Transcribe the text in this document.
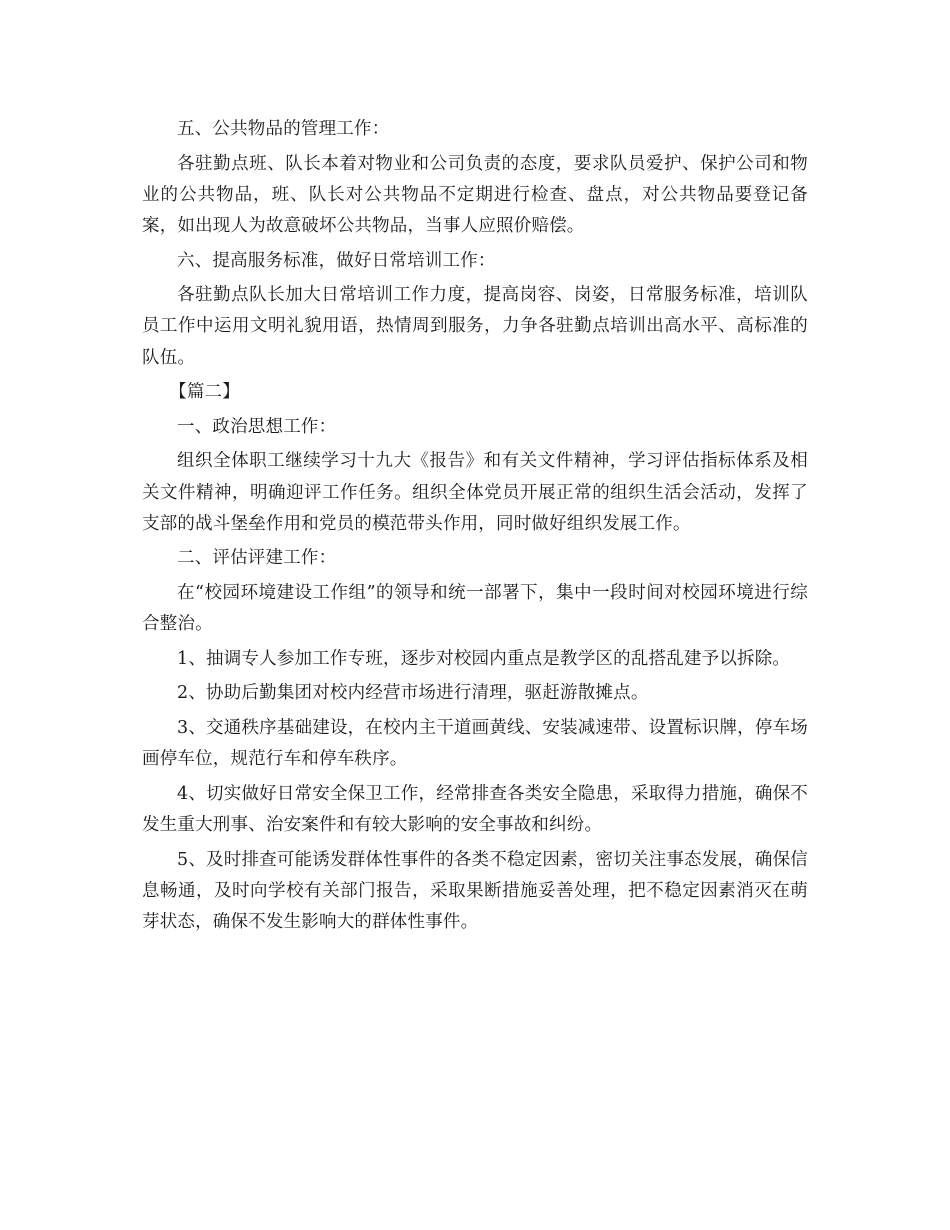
五、公共物品的管理工作：

各驻勤点班、队长本着对物业和公司负责的态度，要求队员爱护、保护公司和物业的公共物品，班、队长对公共物品不定期进行检查、盘点，对公共物品要登记备案，如出现人为故意破坏公共物品，当事人应照价赔偿。

六、提高服务标准，做好日常培训工作：

各驻勤点队长加大日常培训工作力度，提高岗容、岗姿，日常服务标准，培训队员工作中运用文明礼貌用语，热情周到服务，力争各驻勤点培训出高水平、高标准的队伍。

【篇二】

一、政治思想工作：

组织全体职工继续学习十九大《报告》和有关文件精神，学习评估指标体系及相关文件精神，明确迎评工作任务。组织全体党员开展正常的组织生活会活动，发挥了支部的战斗堡垒作用和党员的模范带头作用，同时做好组织发展工作。

二、评估评建工作：

在“校园环境建设工作组”的领导和统一部署下，集中一段时间对校园环境进行综合整治。

1、抽调专人参加工作专班，逐步对校园内重点是教学区的乱搭乱建予以拆除。

2、协助后勤集团对校内经营市场进行清理，驱赶游散摊点。

3、交通秩序基础建设，在校内主干道画黄线、安装减速带、设置标识牌，停车场画停车位，规范行车和停车秩序。

4、切实做好日常安全保卫工作，经常排查各类安全隐患，采取得力措施，确保不发生重大刑事、治安案件和有较大影响的安全事故和纠纷。

5、及时排查可能诱发群体性事件的各类不稳定因素，密切关注事态发展，确保信息畅通，及时向学校有关部门报告，采取果断措施妥善处理，把不稳定因素消灭在萌芽状态，确保不发生影响大的群体性事件。
